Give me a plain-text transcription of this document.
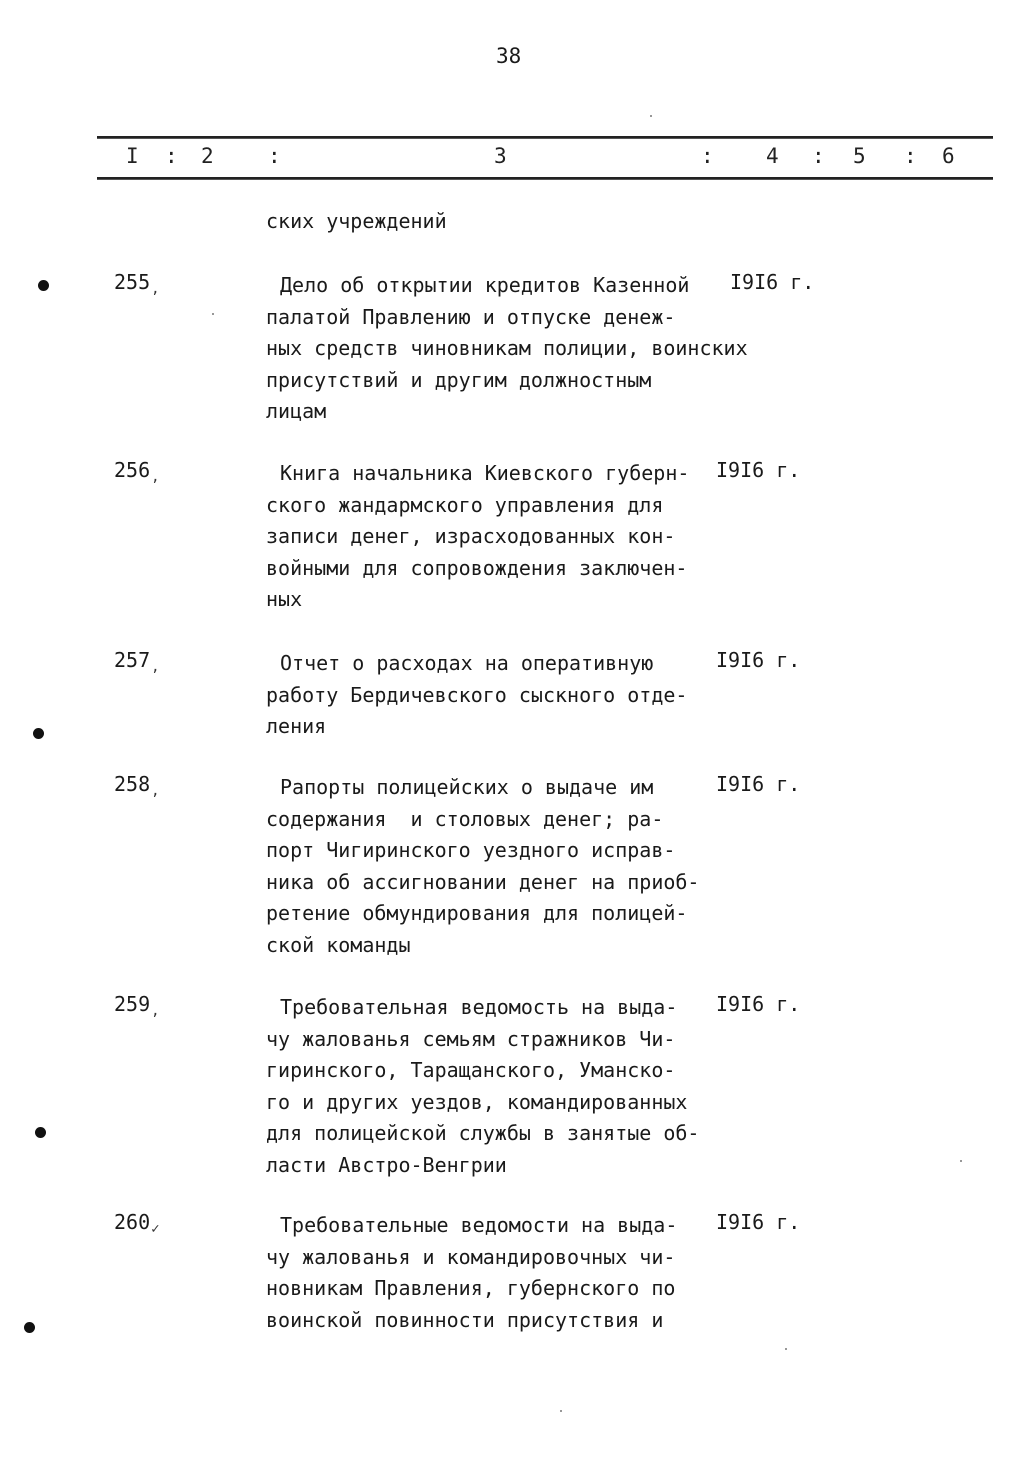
38
I : 2	:	3	: 4 : 5 : 6
ских учреждений
$255_,$	Дело об открытии кредитов Казенной
палатой Правлению и отпуске денеж-
ных средств чиновникам полиции, воинских
присутствий и другим должностным
лицам
I9I6 г.
$256_,$	Книга начальника Киевского губерн-
ского жандармского управления для
записи денег, израсходованных кон-
войными для сопровождения заключен-
ных
I9I6 г.
$257_,$	Отчет о расходах на оперативную
работу Бердичевского сыскного отде-
ления
I9I6 г.
$258_,$	Рапорты полицейских о выдаче им
содержания  и столовых денег; ра-
порт Чигиринского уездного исправ-
ника об ассигновании денег на приоб-
ретение обмундирования для полицей-
ской команды
I9I6 г.
$259_,$	Требовательная ведомость на выда-
чу жалованья семьям стражников Чи-
гиринского, Таращанского, Уманско-
го и других уездов, командированных
для полицейской службы в занятые об-
ласти Австро-Венгрии
I9I6 г.
$260_✓$	Требовательные ведомости на выда-
чу жалованья и командировочных чи-
новникам Правления, губернского по
воинской повинности присутствия и
I9I6 г.
